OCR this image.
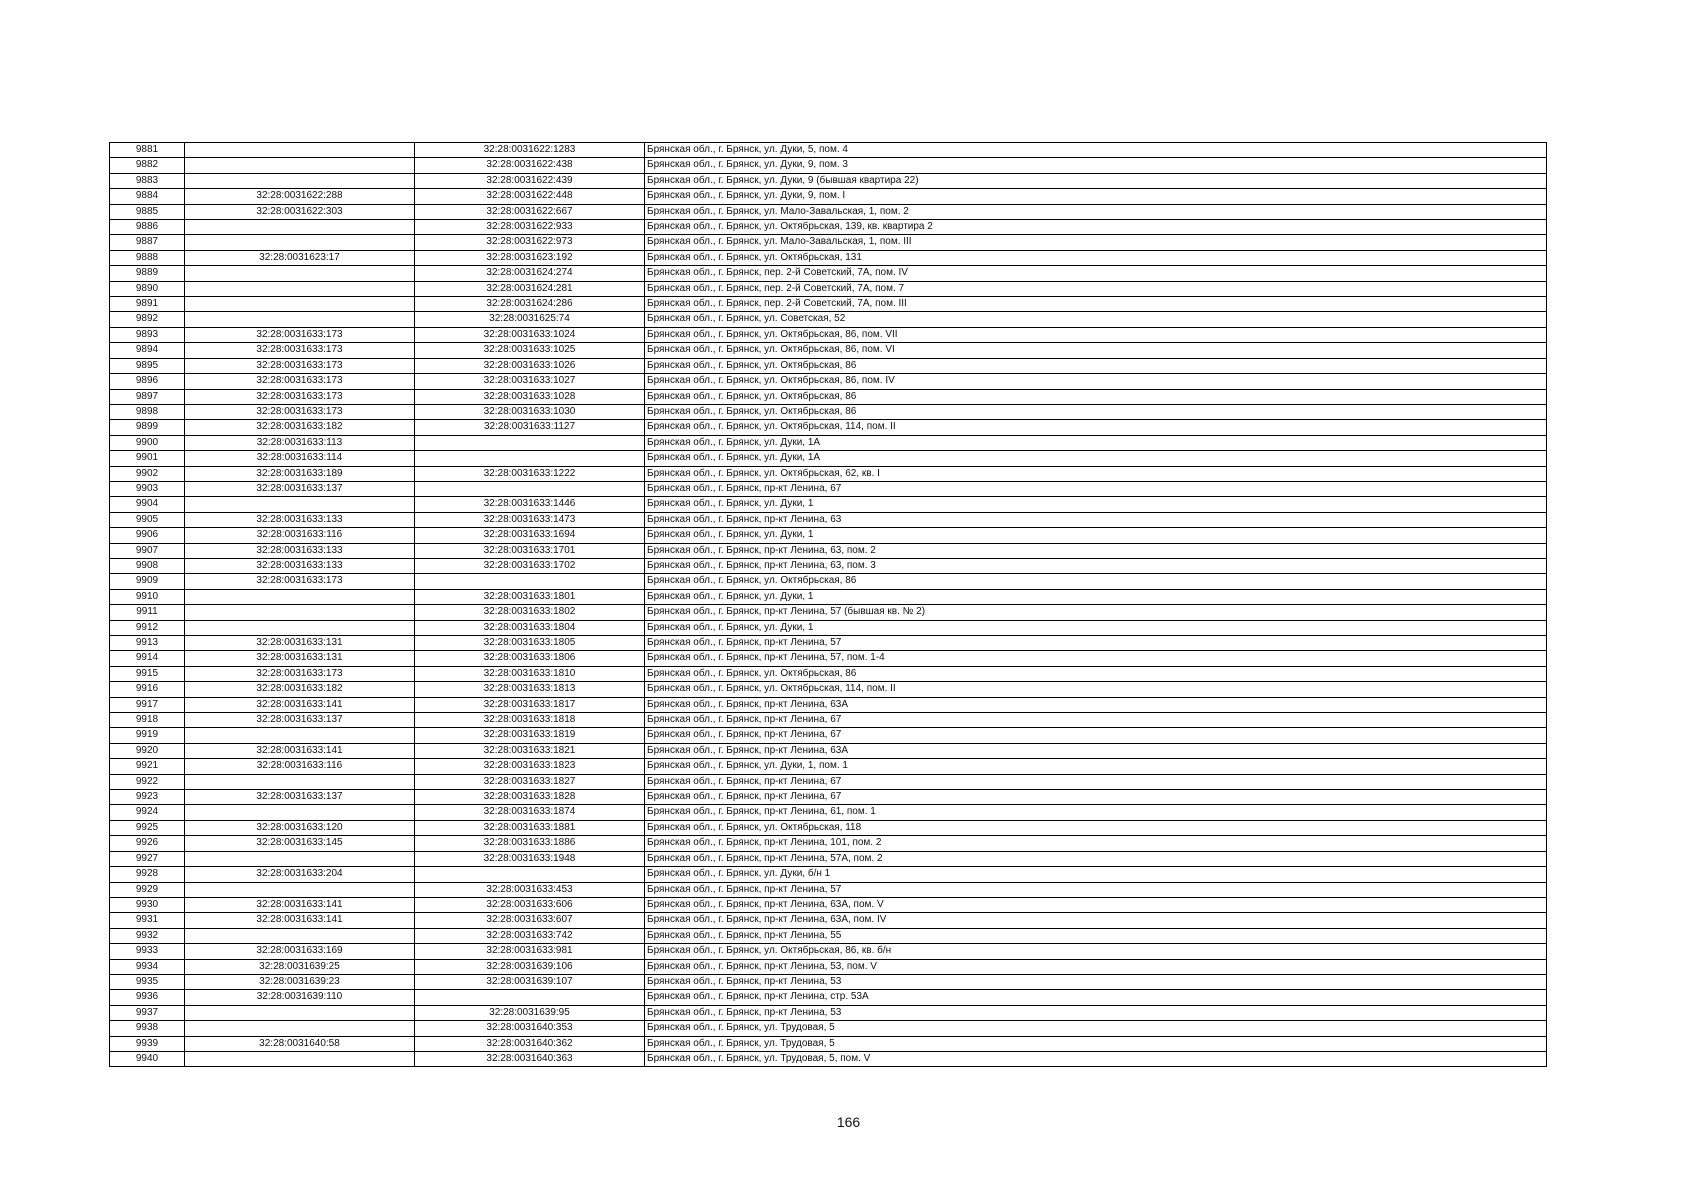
9881		32:28:0031622:1283	Брянская обл., г. Брянск, ул. Дуки, 5, пом. 4
9882		32:28:0031622:438	Брянская обл., г. Брянск, ул. Дуки, 9, пом. 3
9883		32:28:0031622:439	Брянская обл., г. Брянск, ул. Дуки, 9 (бывшая квартира 22)
9884	32:28:0031622:288	32:28:0031622:448	Брянская обл., г. Брянск, ул. Дуки, 9, пом. I
9885	32:28:0031622:303	32:28:0031622:667	Брянская обл., г. Брянск, ул. Мало-Завальская, 1, пом. 2
9886		32:28:0031622:933	Брянская обл., г. Брянск, ул. Октябрьская, 139, кв. квартира 2
9887		32:28:0031622:973	Брянская обл., г. Брянск, ул. Мало-Завальская, 1, пом. III
9888	32:28:0031623:17	32:28:0031623:192	Брянская обл., г. Брянск, ул. Октябрьская, 131
9889		32:28:0031624:274	Брянская обл., г. Брянск, пер. 2-й Советский, 7А, пом. IV
9890		32:28:0031624:281	Брянская обл., г. Брянск, пер. 2-й Советский, 7А, пом. 7
9891		32:28:0031624:286	Брянская обл., г. Брянск, пер. 2-й Советский, 7А, пом. III
9892		32:28:0031625:74	Брянская обл., г. Брянск, ул. Советская, 52
9893	32:28:0031633:173	32:28:0031633:1024	Брянская обл., г. Брянск, ул. Октябрьская, 86, пом. VII
9894	32:28:0031633:173	32:28:0031633:1025	Брянская обл., г. Брянск, ул. Октябрьская, 86, пом. VI
9895	32:28:0031633:173	32:28:0031633:1026	Брянская обл., г. Брянск, ул. Октябрьская, 86
9896	32:28:0031633:173	32:28:0031633:1027	Брянская обл., г. Брянск, ул. Октябрьская, 86, пом. IV
9897	32:28:0031633:173	32:28:0031633:1028	Брянская обл., г. Брянск, ул. Октябрьская, 86
9898	32:28:0031633:173	32:28:0031633:1030	Брянская обл., г. Брянск, ул. Октябрьская, 86
9899	32:28:0031633:182	32:28:0031633:1127	Брянская обл., г. Брянск, ул. Октябрьская, 114, пом. II
9900	32:28:0031633:113		Брянская обл., г. Брянск, ул. Дуки, 1А
9901	32:28:0031633:114		Брянская обл., г. Брянск, ул. Дуки, 1А
9902	32:28:0031633:189	32:28:0031633:1222	Брянская обл., г. Брянск, ул. Октябрьская, 62, кв. I
9903	32:28:0031633:137		Брянская обл., г. Брянск, пр-кт Ленина, 67
9904		32:28:0031633:1446	Брянская обл., г. Брянск, ул. Дуки, 1
9905	32:28:0031633:133	32:28:0031633:1473	Брянская обл., г. Брянск, пр-кт Ленина, 63
9906	32:28:0031633:116	32:28:0031633:1694	Брянская обл., г. Брянск, ул. Дуки, 1
9907	32:28:0031633:133	32:28:0031633:1701	Брянская обл., г. Брянск, пр-кт Ленина, 63, пом. 2
9908	32:28:0031633:133	32:28:0031633:1702	Брянская обл., г. Брянск, пр-кт Ленина, 63, пом. 3
9909	32:28:0031633:173		Брянская обл., г. Брянск, ул. Октябрьская, 86
9910		32:28:0031633:1801	Брянская обл., г. Брянск, ул. Дуки, 1
9911		32:28:0031633:1802	Брянская обл., г. Брянск, пр-кт Ленина, 57 (бывшая кв. № 2)
9912		32:28:0031633:1804	Брянская обл., г. Брянск, ул. Дуки, 1
9913	32:28:0031633:131	32:28:0031633:1805	Брянская обл., г. Брянск, пр-кт Ленина, 57
9914	32:28:0031633:131	32:28:0031633:1806	Брянская обл., г. Брянск, пр-кт Ленина, 57, пом. 1-4
9915	32:28:0031633:173	32:28:0031633:1810	Брянская обл., г. Брянск, ул. Октябрьская, 86
9916	32:28:0031633:182	32:28:0031633:1813	Брянская обл., г. Брянск, ул. Октябрьская, 114, пом. II
9917	32:28:0031633:141	32:28:0031633:1817	Брянская обл., г. Брянск, пр-кт Ленина, 63А
9918	32:28:0031633:137	32:28:0031633:1818	Брянская обл., г. Брянск, пр-кт Ленина, 67
9919		32:28:0031633:1819	Брянская обл., г. Брянск, пр-кт Ленина, 67
9920	32:28:0031633:141	32:28:0031633:1821	Брянская обл., г. Брянск, пр-кт Ленина, 63А
9921	32:28:0031633:116	32:28:0031633:1823	Брянская обл., г. Брянск, ул. Дуки, 1, пом. 1
9922		32:28:0031633:1827	Брянская обл., г. Брянск, пр-кт Ленина, 67
9923	32:28:0031633:137	32:28:0031633:1828	Брянская обл., г. Брянск, пр-кт Ленина, 67
9924		32:28:0031633:1874	Брянская обл., г. Брянск, пр-кт Ленина, 61, пом. 1
9925	32:28:0031633:120	32:28:0031633:1881	Брянская обл., г. Брянск, ул. Октябрьская, 118
9926	32:28:0031633:145	32:28:0031633:1886	Брянская обл., г. Брянск, пр-кт Ленина, 101, пом. 2
9927		32:28:0031633:1948	Брянская обл., г. Брянск, пр-кт Ленина, 57А, пом. 2
9928	32:28:0031633:204		Брянская обл., г. Брянск, ул. Дуки, б/н 1
9929		32:28:0031633:453	Брянская обл., г. Брянск, пр-кт Ленина, 57
9930	32:28:0031633:141	32:28:0031633:606	Брянская обл., г. Брянск, пр-кт Ленина, 63А, пом. V
9931	32:28:0031633:141	32:28:0031633:607	Брянская обл., г. Брянск, пр-кт Ленина, 63А, пом. IV
9932		32:28:0031633:742	Брянская обл., г. Брянск, пр-кт Ленина, 55
9933	32:28:0031633:169	32:28:0031633:981	Брянская обл., г. Брянск, ул. Октябрьская, 86, кв. б/н
9934	32:28:0031639:25	32:28:0031639:106	Брянская обл., г. Брянск, пр-кт Ленина, 53, пом. V
9935	32:28:0031639:23	32:28:0031639:107	Брянская обл., г. Брянск, пр-кт Ленина, 53
9936	32:28:0031639:110		Брянская обл., г. Брянск, пр-кт Ленина, стр. 53А
9937		32:28:0031639:95	Брянская обл., г. Брянск, пр-кт Ленина, 53
9938		32:28:0031640:353	Брянская обл., г. Брянск, ул. Трудовая, 5
9939	32:28:0031640:58	32:28:0031640:362	Брянская обл., г. Брянск, ул. Трудовая, 5
9940		32:28:0031640:363	Брянская обл., г. Брянск, ул. Трудовая, 5, пом. V
166
